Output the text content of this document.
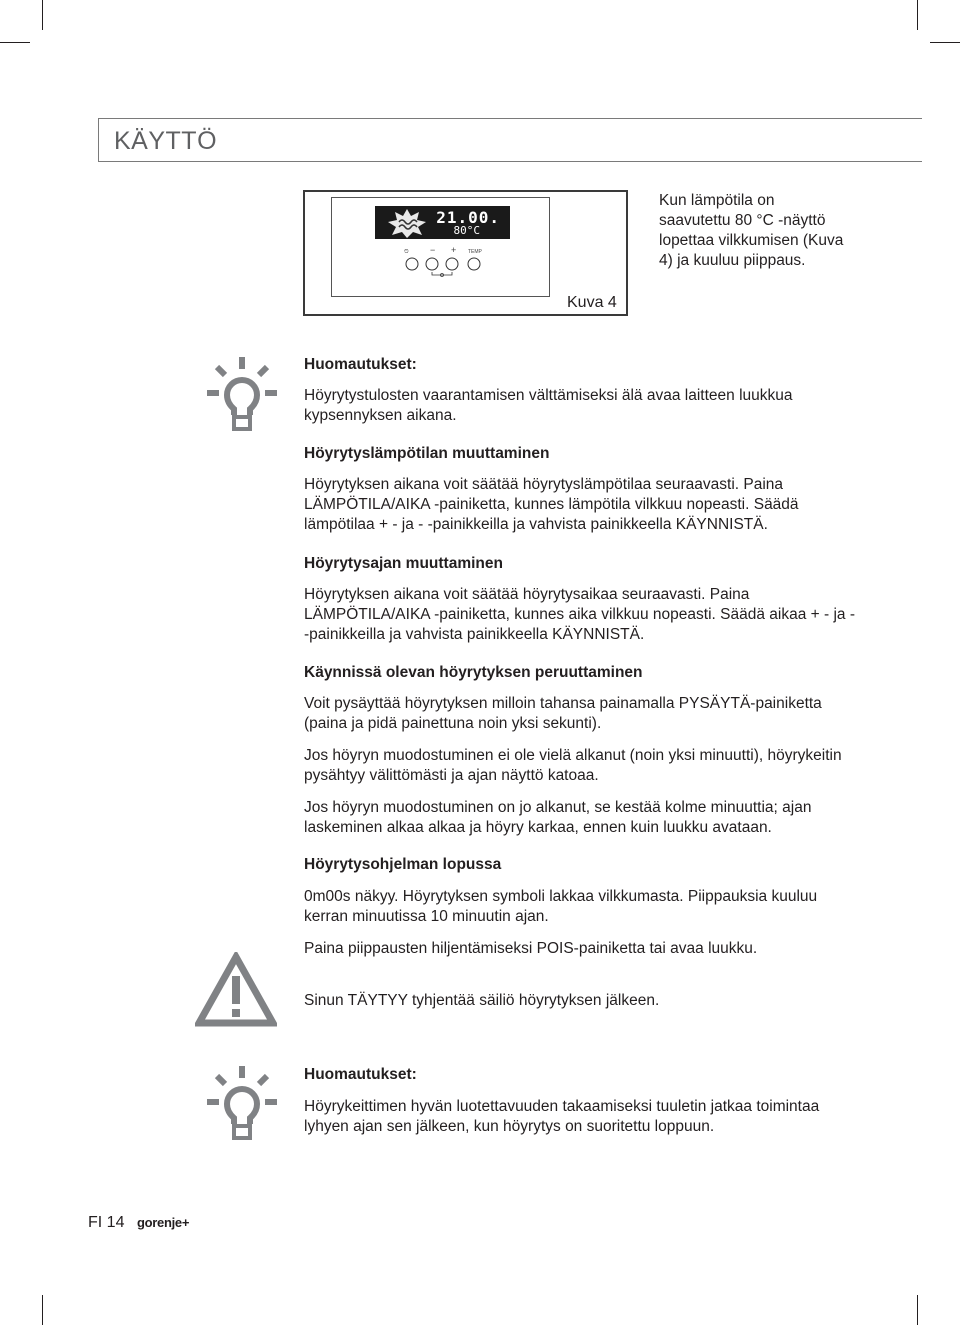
KÄYTTÖ
21.00.
80°C
⏲ − + TEMP
Kuva 4
Kun lämpötila on saavutettu 80 °C -näyttö lopettaa vilkkumisen (Kuva 4) ja kuuluu piippaus.

Huomautukset:

Höyrytystulosten vaarantamisen välttämiseksi älä avaa laitteen luukkua kypsennyksen aikana.

Höyrytyslämpötilan muuttaminen

Höyrytyksen aikana voit säätää höyrytyslämpötilaa seuraavasti. Paina LÄMPÖTILA/AIKA -painiketta, kunnes lämpötila vilkkuu nopeasti. Säädä lämpötilaa + - ja - -painikkeilla ja vahvista painikkeella KÄYNNISTÄ.

Höyrytysajan muuttaminen

Höyrytyksen aikana voit säätää höyrytysaikaa seuraavasti. Paina LÄMPÖTILA/AIKA -painiketta, kunnes aika vilkkuu nopeasti. Säädä aikaa + - ja - -painikkeilla ja vahvista painikkeella KÄYNNISTÄ.

Käynnissä olevan höyrytyksen peruuttaminen

Voit pysäyttää höyrytyksen milloin tahansa painamalla PYSÄYTÄ-painiketta (paina ja pidä painettuna noin yksi sekunti).

Jos höyryn muodostuminen ei ole vielä alkanut (noin yksi minuutti), höyrykeitin pysähtyy välittömästi ja ajan näyttö katoaa.

Jos höyryn muodostuminen on jo alkanut, se kestää kolme minuuttia; ajan laskeminen alkaa alkaa ja höyry karkaa, ennen kuin luukku avataan.

Höyrytysohjelman lopussa

0m00s näkyy. Höyrytyksen symboli lakkaa vilkkumasta. Piippauksia kuuluu kerran minuutissa 10 minuutin ajan.

Paina piippausten hiljentämiseksi POIS-painiketta tai avaa luukku.

Sinun TÄYTYY tyhjentää säiliö höyrytyksen jälkeen.

Huomautukset:

Höyrykeittimen hyvän luotettavuuden takaamiseksi tuuletin jatkaa toimintaa lyhyen ajan sen jälkeen, kun höyrytys on suoritettu loppuun.

FI 14 gorenje+
